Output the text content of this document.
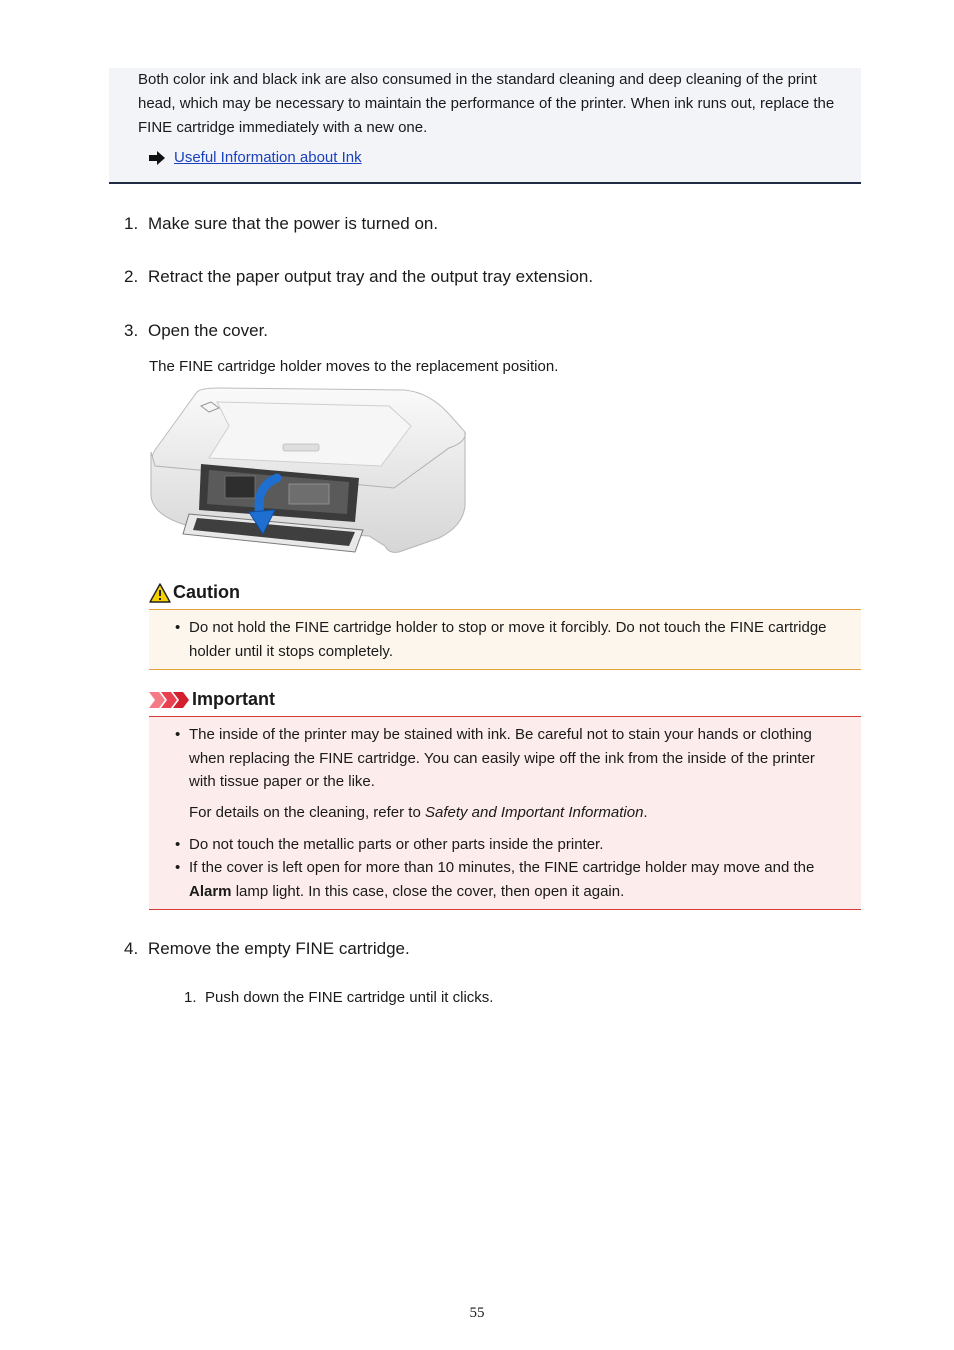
Both color ink and black ink are also consumed in the standard cleaning and deep cleaning of the print head, which may be necessary to maintain the performance of the printer. When ink runs out, replace the FINE cartridge immediately with a new one.

Useful Information about Ink
1. Make sure that the power is turned on.
2. Retract the paper output tray and the output tray extension.
3. Open the cover.
The FINE cartridge holder moves to the replacement position.
Caution
• Do not hold the FINE cartridge holder to stop or move it forcibly. Do not touch the FINE cartridge holder until it stops completely.
Important
• The inside of the printer may be stained with ink. Be careful not to stain your hands or clothing when replacing the FINE cartridge. You can easily wipe off the ink from the inside of the printer with tissue paper or the like.
For details on the cleaning, refer to Safety and Important Information.
• Do not touch the metallic parts or other parts inside the printer.
• If the cover is left open for more than 10 minutes, the FINE cartridge holder may move and the Alarm lamp light. In this case, close the cover, then open it again.
4. Remove the empty FINE cartridge.
1. Push down the FINE cartridge until it clicks.
55
